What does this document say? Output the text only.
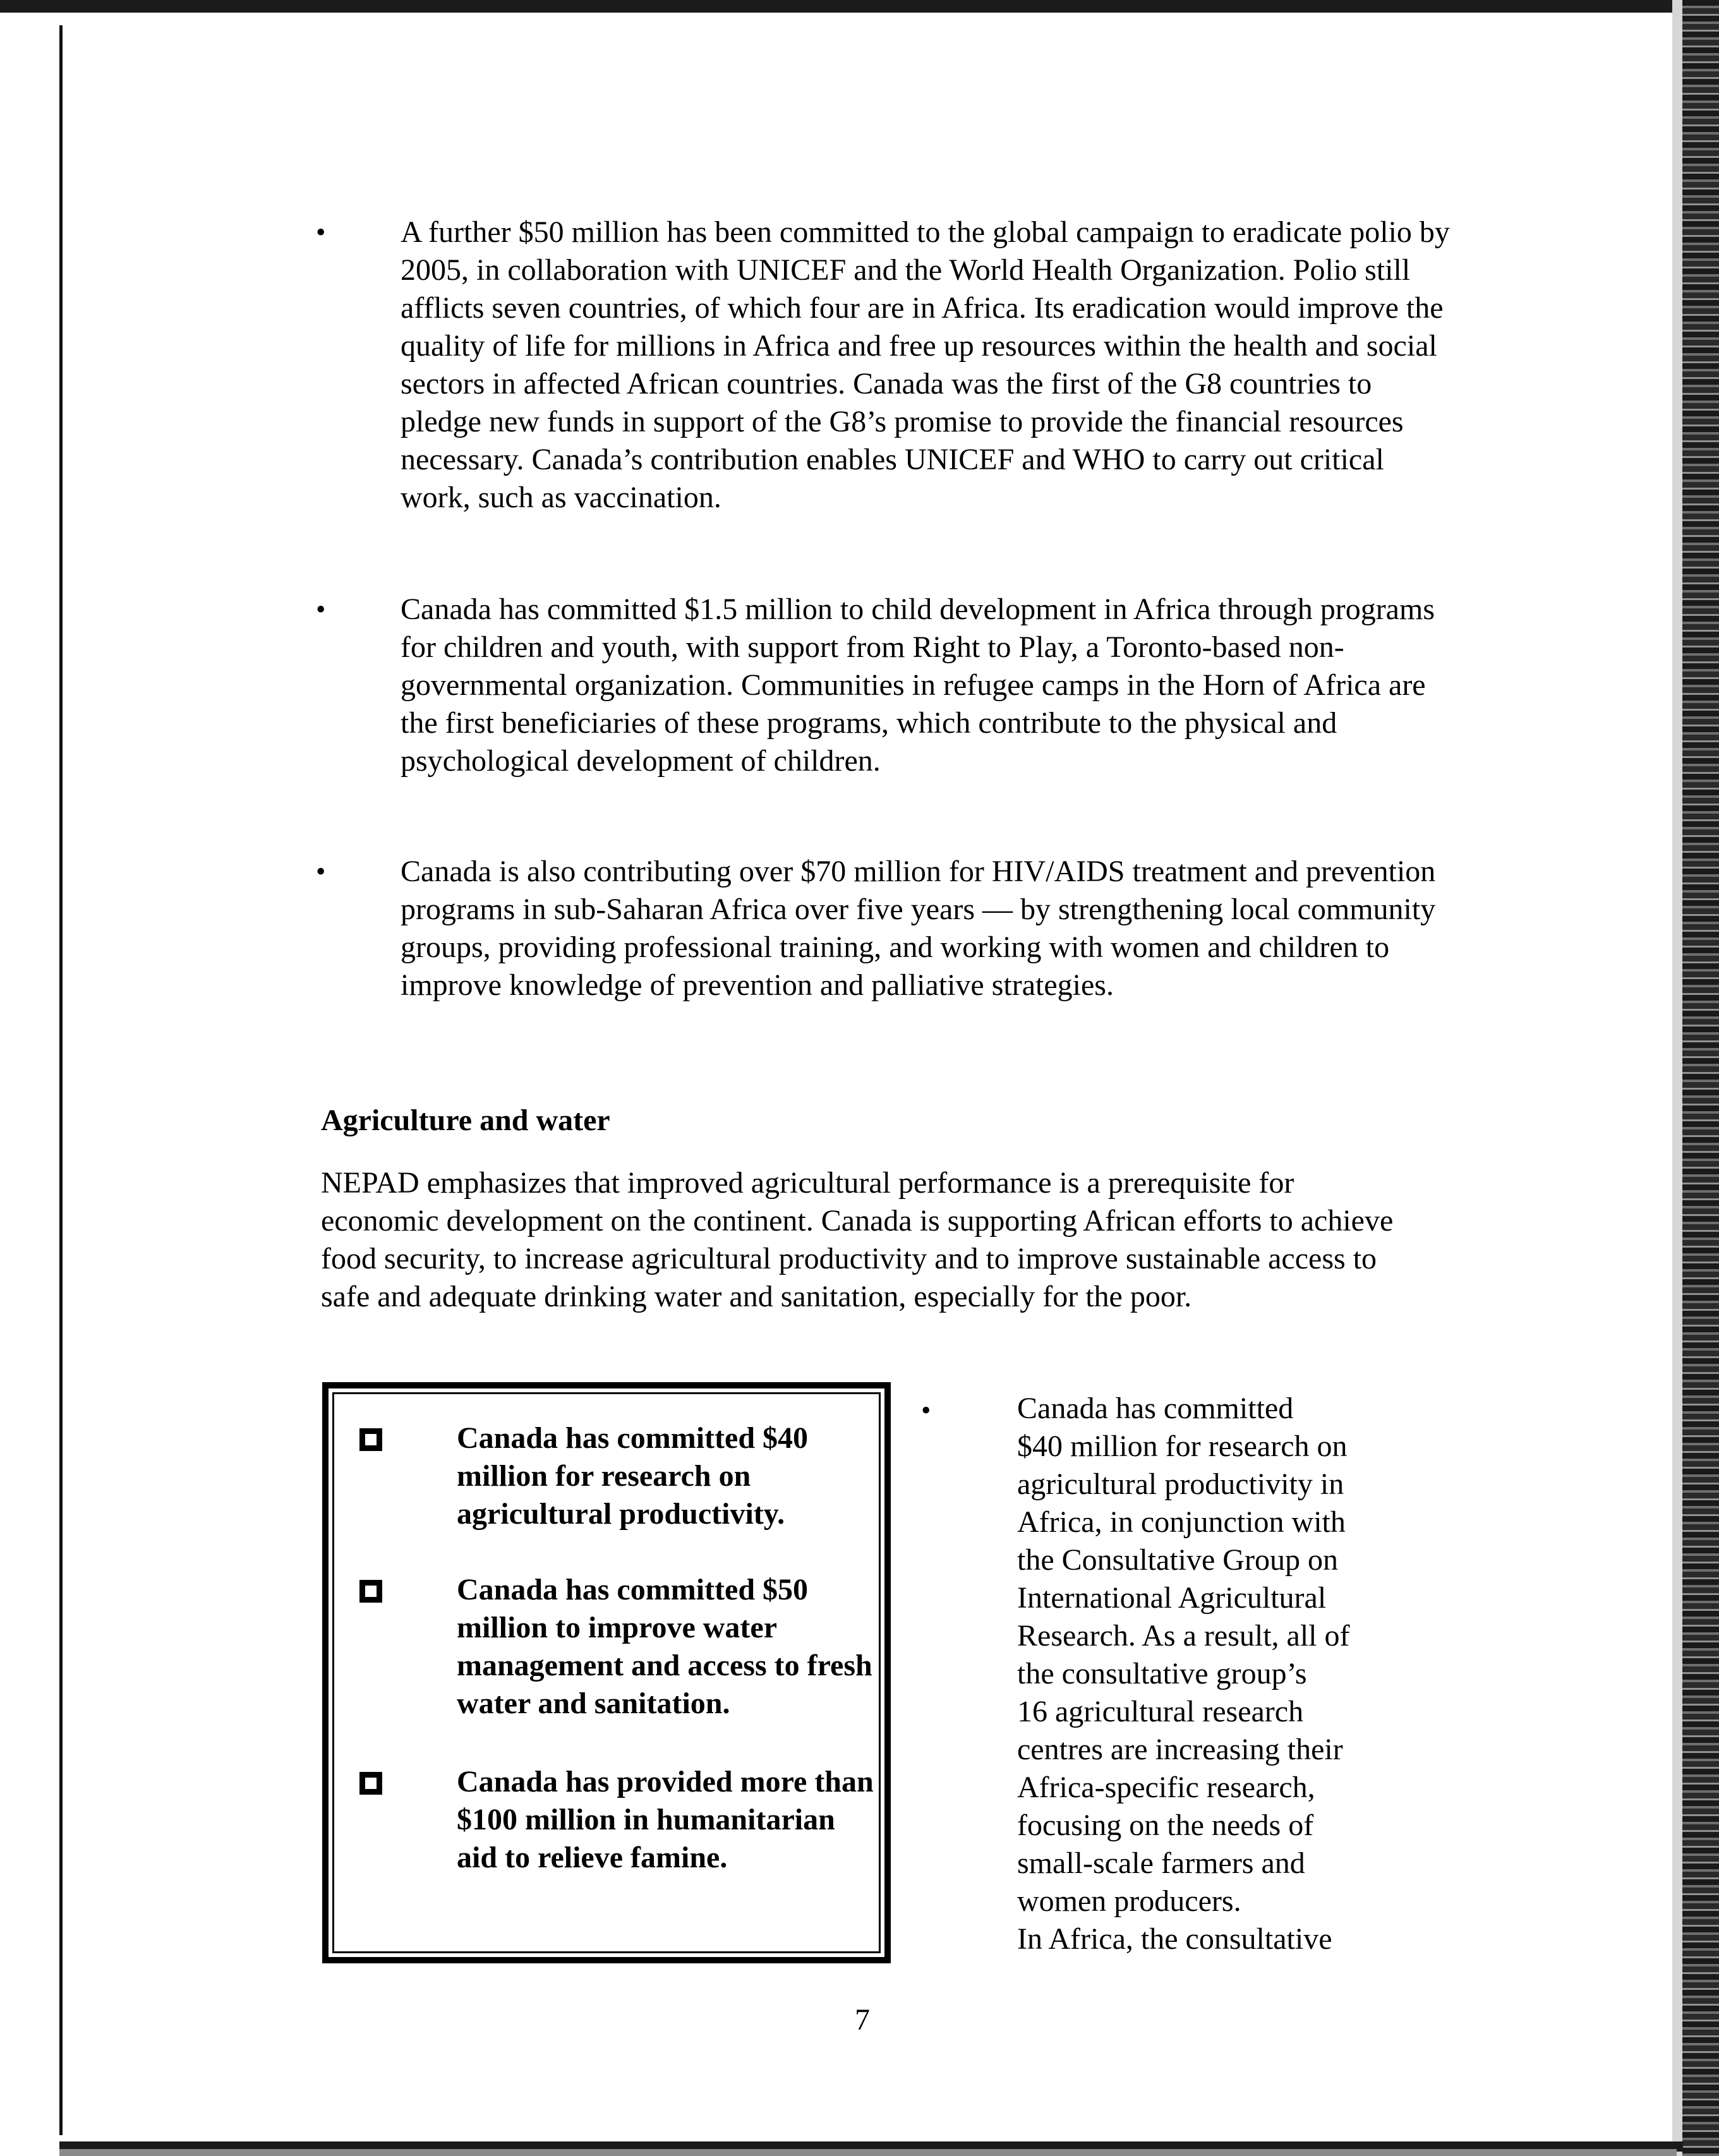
• A further $50 million has been committed to the global campaign to eradicate polio by 2005, in collaboration with UNICEF and the World Health Organization. Polio still afflicts seven countries, of which four are in Africa. Its eradication would improve the quality of life for millions in Africa and free up resources within the health and social sectors in affected African countries. Canada was the first of the G8 countries to pledge new funds in support of the G8’s promise to provide the financial resources necessary. Canada’s contribution enables UNICEF and WHO to carry out critical work, such as vaccination.
• Canada has committed $1.5 million to child development in Africa through programs for children and youth, with support from Right to Play, a Toronto-based non-governmental organization. Communities in refugee camps in the Horn of Africa are the first beneficiaries of these programs, which contribute to the physical and psychological development of children.
• Canada is also contributing over $70 million for HIV/AIDS treatment and prevention programs in sub-Saharan Africa over five years — by strengthening local community groups, providing professional training, and working with women and children to improve knowledge of prevention and palliative strategies.
Agriculture and water

NEPAD emphasizes that improved agricultural performance is a prerequisite for economic development on the continent. Canada is supporting African efforts to achieve food security, to increase agricultural productivity and to improve sustainable access to safe and adequate drinking water and sanitation, especially for the poor.

Canada has committed $40 million for research on agricultural productivity.
Canada has committed $50 million to improve water management and access to fresh water and sanitation.
Canada has provided more than $100 million in humanitarian aid to relieve famine.
•	Canada has committed
$40 million for research on
agricultural productivity in
Africa, in conjunction with
the Consultative Group on
International Agricultural
Research. As a result, all of
the consultative group’s
16 agricultural research
centres are increasing their
Africa-specific research,
focusing on the needs of
small-scale farmers and
women producers.
In Africa, the consultative
7
